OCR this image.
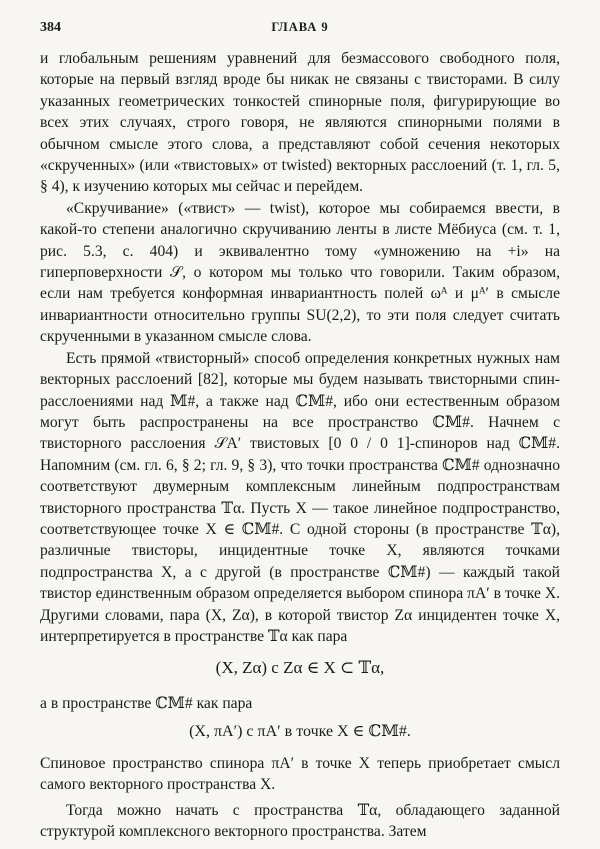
384	ГЛАВА 9

и глобальным решениям уравнений для безмассового свободного поля, которые на первый взгляд вроде бы никак не связаны с твисторами. В силу указанных геометрических тонкостей спинорные поля, фигурирующие во всех этих случаях, строго говоря, не являются спинорными полями в обычном смысле этого слова, а представляют собой сечения некоторых «скрученных» (или «твистовых» от twisted) векторных расслоений (т. 1, гл. 5, § 4), к изучению которых мы сейчас и перейдем.

«Скручивание» («твист» — twist), которое мы собираемся ввести, в какой-то степени аналогично скручиванию ленты в листе Мёбиуса (см. т. 1, рис. 5.3, с. 404) и эквивалентно тому «умножению на +i» на гиперповерхности 𝒮, о котором мы только что говорили. Таким образом, если нам требуется конформная инвариантность полей ωᴬ и μᴬ′ в смысле инвариантности относительно группы SU(2,2), то эти поля следует считать скрученными в указанном смысле слова.

Есть прямой «твисторный» способ определения конкретных нужных нам векторных расслоений [82], которые мы будем называть твисторными спин-расслоениями над 𝕄#, а также над ℂ𝕄#, ибо они естественным образом могут быть распространены на все пространство ℂ𝕄#. Начнем с твисторного расслоения 𝒮A′ твистовых [0 0 / 0 1]-спиноров над ℂ𝕄#. Напомним (см. гл. 6, § 2; гл. 9, § 3), что точки пространства ℂ𝕄# однозначно соответствуют двумерным комплексным линейным подпространствам твисторного пространства 𝕋α. Пусть X — такое линейное подпространство, соответствующее точке X ∈ ℂ𝕄#. С одной стороны (в пространстве 𝕋α), различные твисторы, инцидентные точке X, являются точками подпространства X, а с другой (в пространстве ℂ𝕄#) — каждый такой твистор единственным образом определяется выбором спинора πA′ в точке X. Другими словами, пара (X, Zα), в которой твистор Zα инцидентен точке X, интерпретируется в пространстве 𝕋α как пара

(X, Zα) с Zα ∈ X ⊂ 𝕋α,

а в пространстве ℂ𝕄# как пара

(X, πA′) с πA′ в точке X ∈ ℂ𝕄#.

Спиновое пространство спинора πA′ в точке X теперь приобретает смысл самого векторного пространства X.

Тогда можно начать с пространства 𝕋α, обладающего заданной структурой комплексного векторного пространства. Затем
